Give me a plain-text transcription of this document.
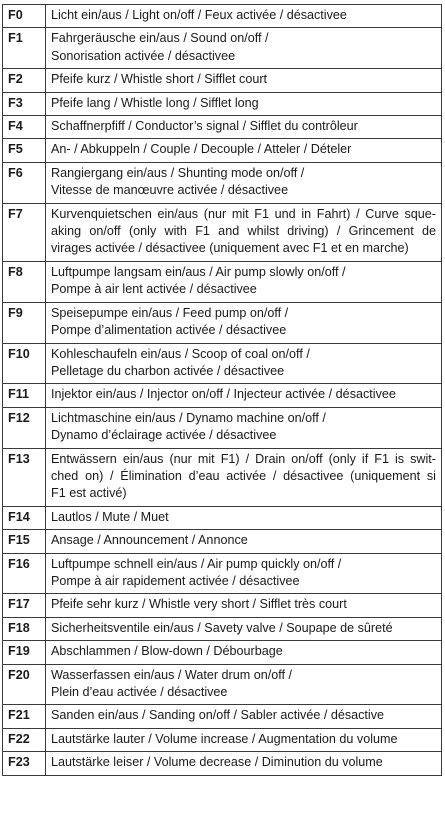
F0	Licht ein/aus / Light on/off / Feux activée / désactivee

F1	Fahrgeräusche ein/aus / Sound on/off /
Sonorisation activée / désactivee

F2	Pfeife kurz / Whistle short / Sifflet court

F3	Pfeife lang / Whistle long / Sifflet long

F4	Schaffnerpfiff / Conductor’s signal / Sifflet du contrôleur

F5	An- / Abkuppeln / Couple / Decouple / Atteler / Dételer

F6	Rangiergang ein/aus / Shunting mode on/off /
Vitesse de manœuvre activée / désactivee

F7	Kurvenquietschen ein/aus (nur mit F1 und in Fahrt) / Curve sque-
aking on/off (only with F1 and whilst driving) / Grincement de
virages activée / désactivee (uniquement avec F1 et en marche)

F8	Luftpumpe langsam ein/aus / Air pump slowly on/off /
Pompe à air lent activée / désactivee

F9	Speisepumpe ein/aus / Feed pump on/off /
Pompe d’alimentation activée / désactivee

F10	Kohleschaufeln ein/aus / Scoop of coal on/off /
Pelletage du charbon activée / désactivee

F11	Injektor ein/aus / Injector on/off / Injecteur activée / désactivee

F12	Lichtmaschine ein/aus / Dynamo machine on/off /
Dynamo d’éclairage activée / désactivee

F13	Entwässern ein/aus (nur mit F1) / Drain on/off (only if F1 is swit-
ched on) / Élimination d’eau activée / désactivee (uniquement si
F1 est activé)

F14	Lautlos / Mute / Muet

F15	Ansage / Announcement / Annonce

F16	Luftpumpe schnell ein/aus / Air pump quickly on/off /
Pompe à air rapidement activée / désactivee

F17	Pfeife sehr kurz / Whistle very short / Sifflet très court

F18	Sicherheitsventile ein/aus / Savety valve / Soupape de sûreté

F19	Abschlammen / Blow-down / Débourbage

F20	Wasserfassen ein/aus / Water drum on/off /
Plein d’eau activée / désactivee

F21	Sanden ein/aus / Sanding on/off / Sabler activée / désactive

F22	Lautstärke lauter / Volume increase / Augmentation du volume

F23	Lautstärke leiser / Volume decrease / Diminution du volume
